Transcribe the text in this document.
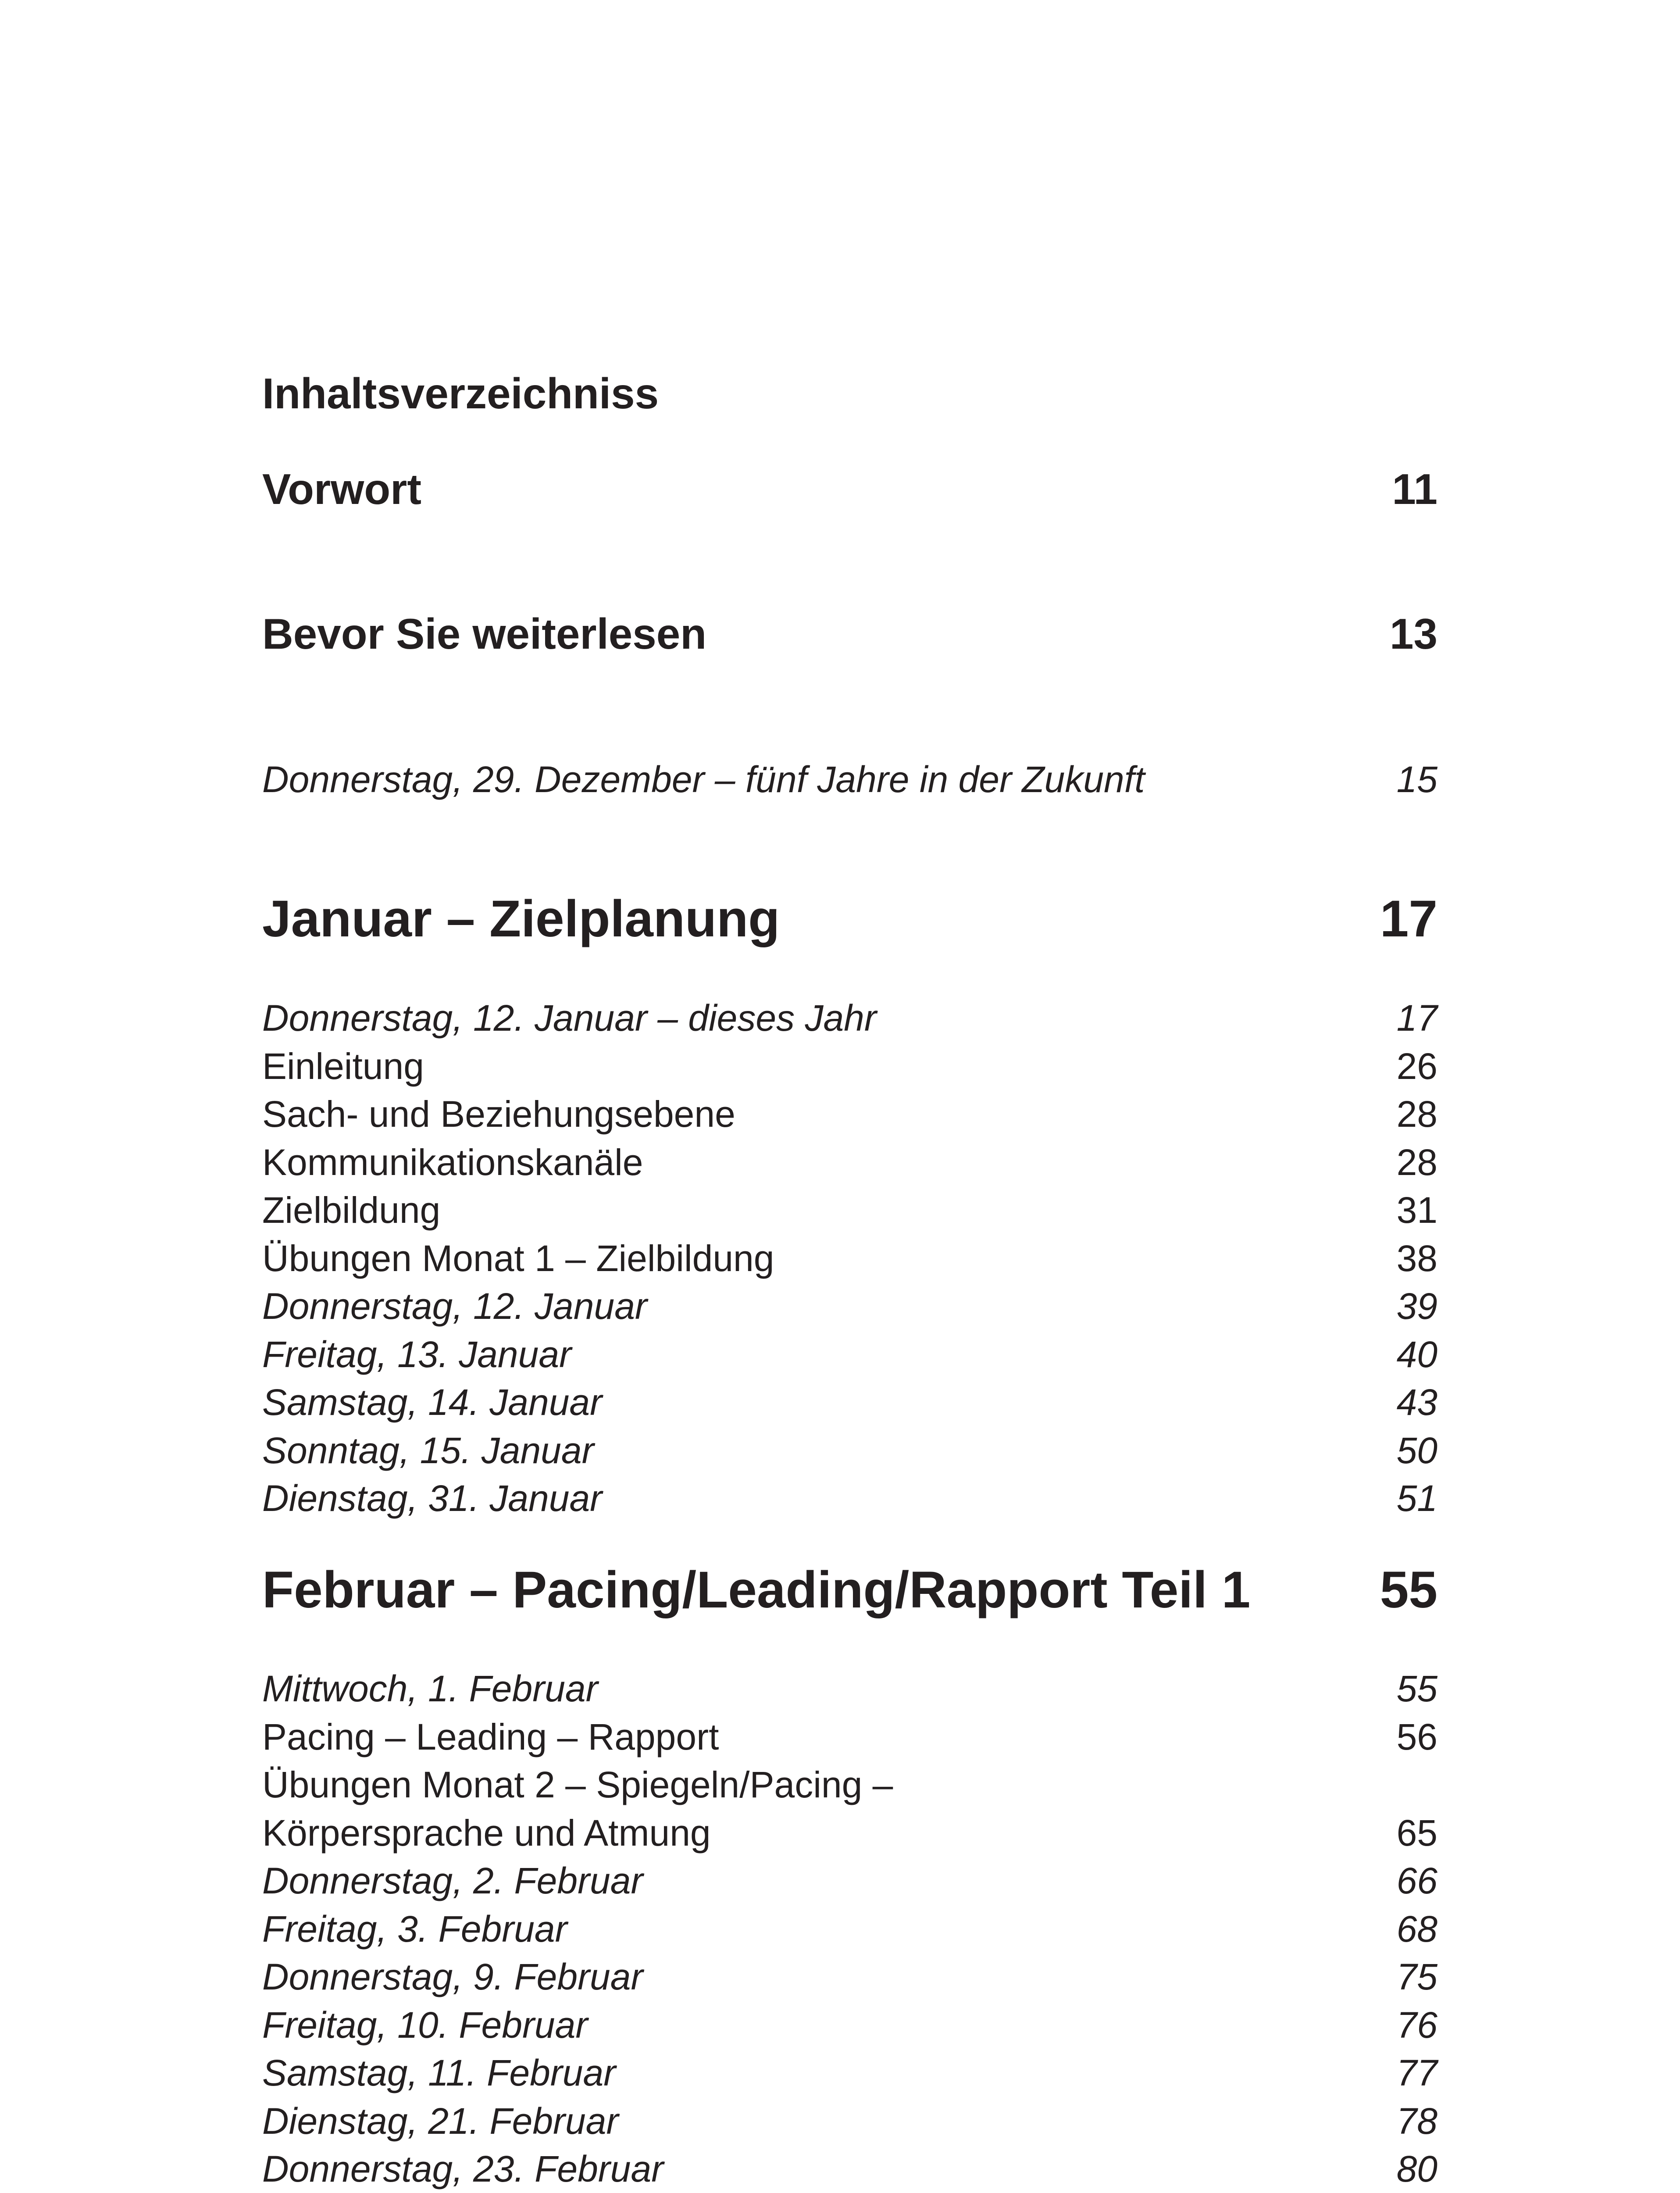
Inhaltsverzeichniss
Vorwort	11
Bevor Sie weiterlesen	13
Donnerstag, 29. Dezember – fünf Jahre in der Zukunft	15
Januar – Zielplanung	17
Donnerstag, 12. Januar – dieses Jahr	17
Einleitung	26
Sach- und Beziehungsebene	28
Kommunikationskanäle	28
Zielbildung	31
Übungen Monat 1 – Zielbildung	38
Donnerstag, 12. Januar	39
Freitag, 13. Januar	40
Samstag, 14. Januar	43
Sonntag, 15. Januar	50
Dienstag, 31. Januar	51
Februar – Pacing/Leading/Rapport Teil 1	55
Mittwoch, 1. Februar	55
Pacing – Leading – Rapport	56
Übungen Monat 2 – Spiegeln/Pacing –
Körpersprache und Atmung	65
Donnerstag, 2. Februar	66
Freitag, 3. Februar	68
Donnerstag, 9. Februar	75
Freitag, 10. Februar	76
Samstag, 11. Februar	77
Dienstag, 21. Februar	78
Donnerstag, 23. Februar	80
